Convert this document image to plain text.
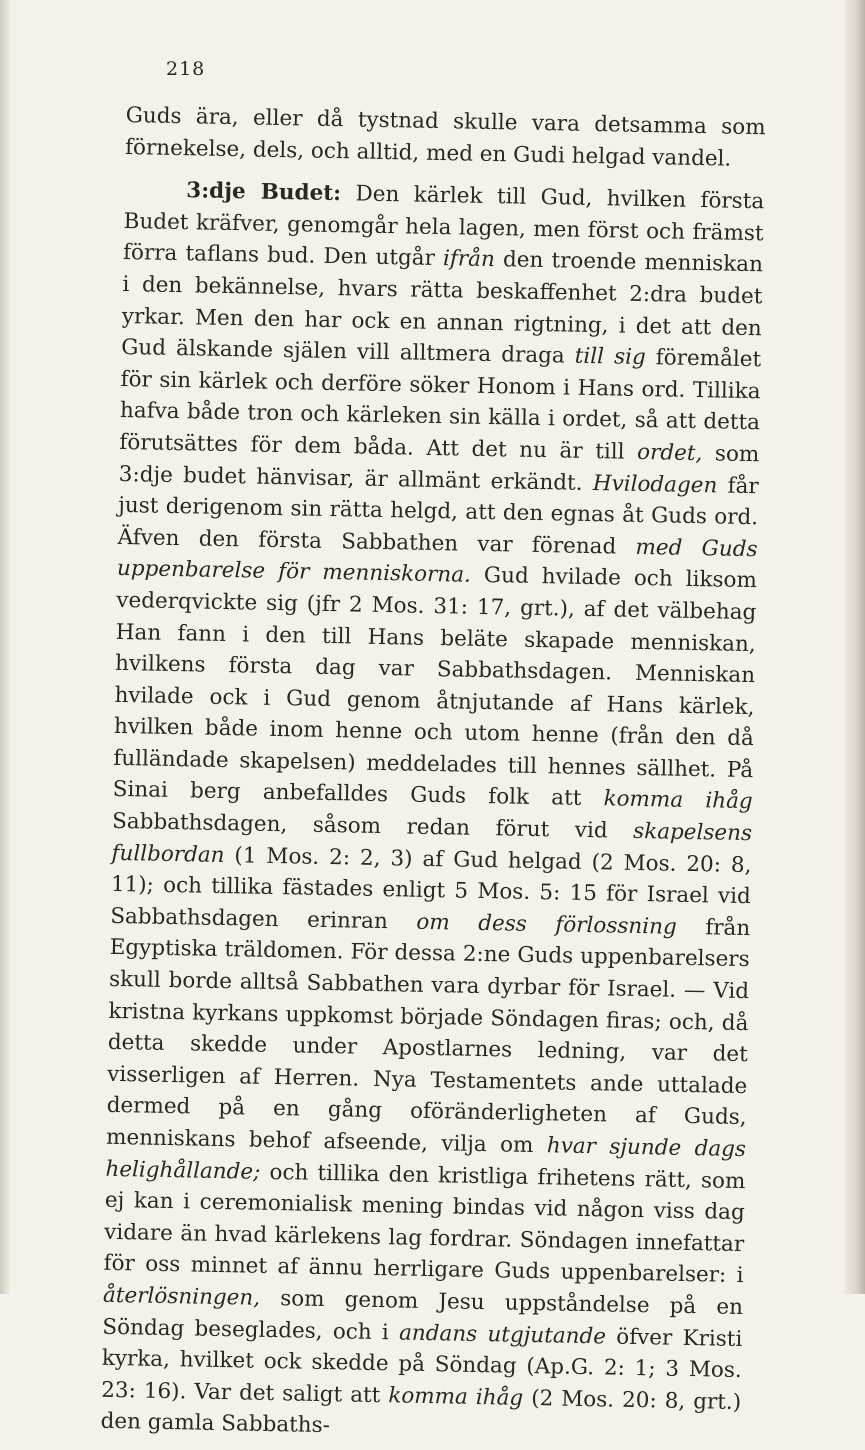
218

Guds ära, eller då tystnad skulle vara detsamma som förnekelse, dels, och alltid, med en Gudi helgad vandel.

3:dje Budet: Den kärlek till Gud, hvilken första Budet kräfver, genomgår hela lagen, men först och främst förra taflans bud. Den utgår ifrån den troende menniskan i den bekännelse, hvars rätta beskaffenhet 2:dra budet yrkar. Men den har ock en annan rigtning, i det att den Gud älskande själen vill alltmera draga till sig föremålet för sin kärlek och derföre söker Honom i Hans ord. Tillika hafva både tron och kärleken sin källa i ordet, så att detta förutsättes för dem båda. Att det nu är till ordet, som 3:dje budet hänvisar, är allmänt erkändt. Hvilodagen får just derigenom sin rätta helgd, att den egnas åt Guds ord. Äfven den första Sabbathen var förenad med Guds uppenbarelse för menniskorna. Gud hvilade och liksom vederqvickte sig (jfr 2 Mos. 31: 17, grt.), af det välbehag Han fann i den till Hans beläte skapade menniskan, hvilkens första dag var Sabbathsdagen. Menniskan hvilade ock i Gud genom åtnjutande af Hans kärlek, hvilken både inom henne och utom henne (från den då fulländade skapelsen) meddelades till hennes sällhet. På Sinai berg anbefalldes Guds folk att komma ihåg Sabbathsdagen, såsom redan förut vid skapelsens fullbordan (1 Mos. 2: 2, 3) af Gud helgad (2 Mos. 20: 8, 11); och tillika fästades enligt 5 Mos. 5: 15 för Israel vid Sabbathsdagen erinran om dess förlossning från Egyptiska träldomen. För dessa 2:ne Guds uppenbarelsers skull borde alltså Sabbathen vara dyrbar för Israel. — Vid kristna kyrkans uppkomst började Söndagen firas; och, då detta skedde under Apostlarnes ledning, var det visserligen af Herren. Nya Testamentets ande uttalade dermed på en gång oföränderligheten af Guds, menniskans behof afseende, vilja om hvar sjunde dags helighållande; och tillika den kristliga frihetens rätt, som ej kan i ceremonialisk mening bindas vid någon viss dag vidare än hvad kärlekens lag fordrar. Söndagen innefattar för oss minnet af ännu herrligare Guds uppenbarelser: i återlösningen, som genom Jesu uppståndelse på en Söndag beseglades, och i andans utgjutande öfver Kristi kyrka, hvilket ock skedde på Söndag (Ap.G. 2: 1; 3 Mos. 23: 16). Var det saligt att komma ihåg (2 Mos. 20: 8, grt.) den gamla Sabbaths-
